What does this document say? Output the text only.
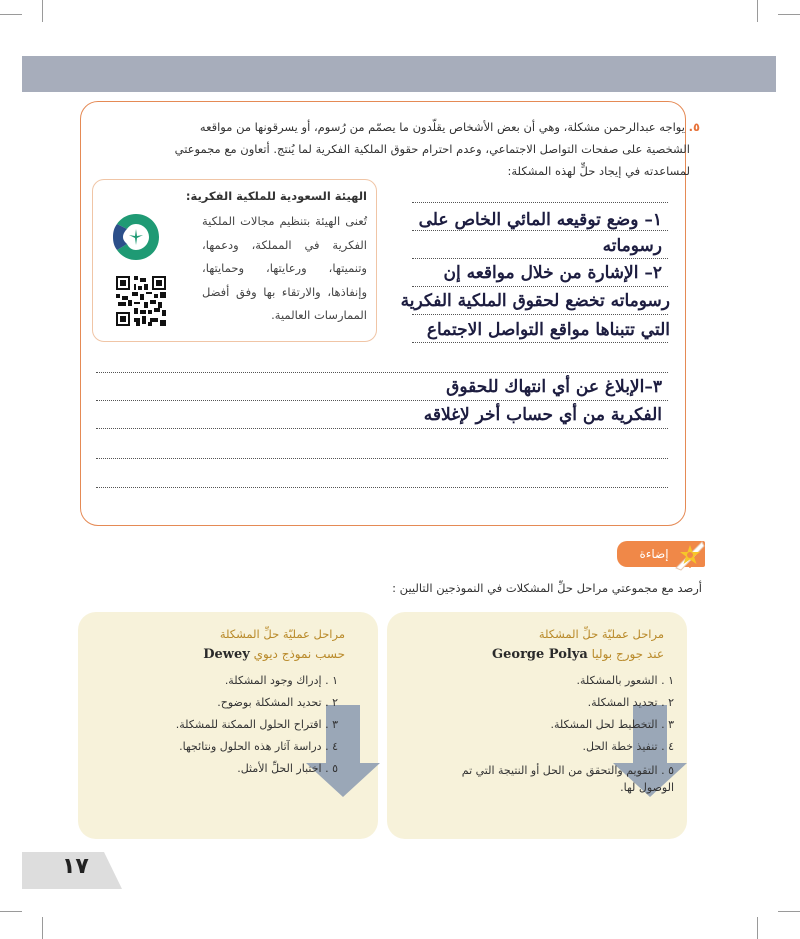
٥. يواجه عبدالرحمن مشكلة، وهي أن بعض الأشخاص يقلّدون ما يصمّم من رُسوم، أو يسرقونها من مواقعه
الشخصية على صفحات التواصل الاجتماعي، وعدم احترام حقوق الملكية الفكرية لما يُنتج. أتعاون مع مجموعتي
لمساعدته في إيجاد حلٍّ لهذه المشكلة:
الهيئة السعودية للملكية الفكرية:
تُعنى الهيئة بتنظيم مجالات الملكية الفكرية في المملكة، ودعمها، وتنميتها، ورعايتها، وحمايتها، وإنفاذها، والارتقاء بها وفق أفضل الممارسات العالمية.
١– وضع توقيعه المائي الخاص على
رسوماته
٢– الإشارة من خلال مواقعه إن
رسوماته تخضع لحقوق الملكية الفكرية
التي تتبناها مواقع التواصل الاجتماع
٣–الإبلاغ عن أي انتهاك للحقوق
الفكرية من أي حساب أخر لإغلاقه
إضاءة
أرصد مع مجموعتي مراحل حلِّ المشكلات في النموذجين التاليين :
مراحل عمليّة حلِّ المشكلة
عند جورج بوليا George Polya
١ . الشعور بالمشكلة.
٢ . تحديد المشكلة.
٣ . التخطيط لحل المشكلة.
٤ . تنفيذ خطة الحل.
٥ . التقويم والتحقق من الحل أو النتيجة التي تم
الوصول لها.
مراحل عمليّة حلِّ المشكلة
حسب نموذج ديوي Dewey
١ . إدراك وجود المشكلة.
٢ . تحديد المشكلة بوضوح.
٣ . اقتراح الحلول الممكنة للمشكلة.
٤ . دراسة آثار هذه الحلول ونتائجها.
٥ . اختبار الحلِّ الأمثل.
١٧
